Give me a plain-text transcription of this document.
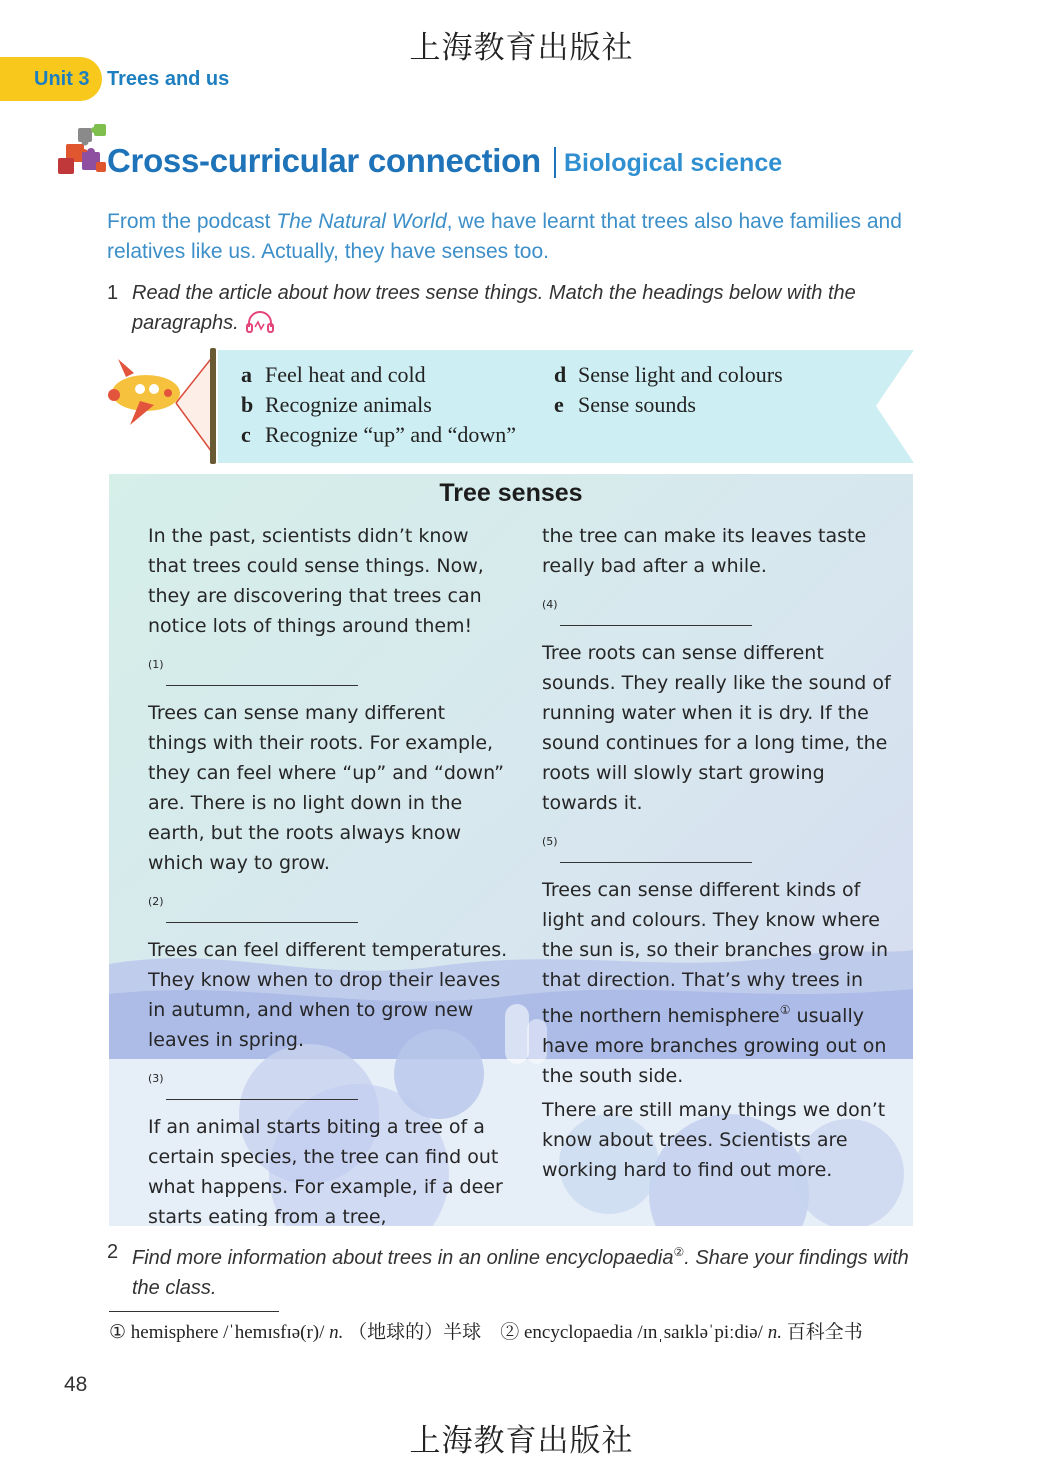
上海教育出版社
Unit 3 Trees and us
Cross-curricular connection Biological science
From the podcast The Natural World, we have learnt that trees also have families and relatives like us. Actually, they have senses too.
1 Read the article about how trees sense things. Match the headings below with the paragraphs.
a Feel heat and cold
b Recognize animals
c Recognize “up” and “down”
d Sense light and colours
e Sense sounds
Tree senses

In the past, scientists didn’t know that trees could sense things. Now, they are discovering that trees can notice lots of things around them!

(1)

Trees can sense many different things with their roots. For example, they can feel where “up” and “down” are. There is no light down in the earth, but the roots always know which way to grow.

(2)

Trees can feel different temperatures. They know when to drop their leaves in autumn, and when to grow new leaves in spring.

(3)

If an animal starts biting a tree of a certain species, the tree can find out what happens. For example, if a deer starts eating from a tree,

the tree can make its leaves taste really bad after a while.

(4)

Tree roots can sense different sounds. They really like the sound of running water when it is dry. If the sound continues for a long time, the roots will slowly start growing towards it.

(5)

Trees can sense different kinds of light and colours. They know where the sun is, so their branches grow in that direction. That’s why trees in the northern hemisphere① usually have more branches growing out on the south side.

There are still many things we don’t know about trees. Scientists are working hard to find out more.

2 Find more information about trees in an online encyclopaedia②. Share your findings with the class.
① hemisphere /ˈhemɪsfɪə(r)/ n. （地球的）半球 ② encyclopaedia /ɪnˌsaɪkləˈpiːdiə/ n. 百科全书
48
上海教育出版社
